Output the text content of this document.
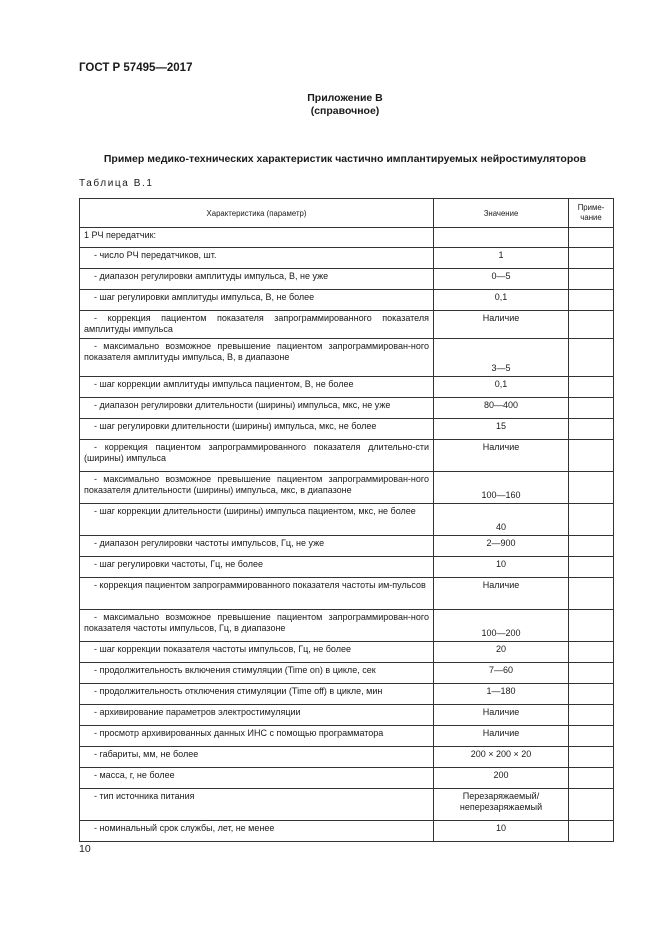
ГОСТ Р 57495—2017
Приложение В
(справочное)
Пример медико-технических характеристик частично имплантируемых нейростимуляторов
Таблица В.1
Характеристика (параметр)	Значение	Приме-
чание
1 РЧ передатчик:		
- число РЧ передатчиков, шт.	1	
- диапазон регулировки амплитуды импульса, В, не уже	0—5	
- шаг регулировки амплитуды импульса, В, не более	0,1	
- коррекция пациентом показателя запрограммированного показателя амплитуды импульса	Наличие	
- максимально возможное превышение пациентом запрограммирован-ного показателя амплитуды импульса, В, в диапазоне	3—5	
- шаг коррекции амплитуды импульса пациентом, В, не более	0,1	
- диапазон регулировки длительности (ширины) импульса, мкс, не уже	80—400	
- шаг регулировки длительности (ширины) импульса, мкс, не более	15	
- коррекция пациентом запрограммированного показателя длительно-сти (ширины) импульса	Наличие	
- максимально возможное превышение пациентом запрограммирован-ного показателя длительности (ширины) импульса, мкс, в диапазоне	100—160	
- шаг коррекции длительности (ширины) импульса пациентом, мкс, не более	40	
- диапазон регулировки частоты импульсов, Гц, не уже	2—900	
- шаг регулировки частоты, Гц, не более	10	
- коррекция пациентом запрограммированного показателя частоты им-пульсов	Наличие	
- максимально возможное превышение пациентом запрограммирован-ного показателя частоты импульсов, Гц, в диапазоне	100—200	
- шаг коррекции показателя частоты импульсов, Гц, не более	20	
- продолжительность включения стимуляции (Time on) в цикле, сек	7—60	
- продолжительность отключения стимуляции (Time off) в цикле, мин	1—180	
- архивирование параметров электростимуляции	Наличие	
- просмотр архивированных данных ИНС с помощью программатора	Наличие	
- габариты, мм, не более	200 × 200 × 20	
- масса, г, не более	200	
- тип источника питания	Перезаряжаемый/
неперезаряжаемый	
- номинальный срок службы, лет, не менее	10	
10
